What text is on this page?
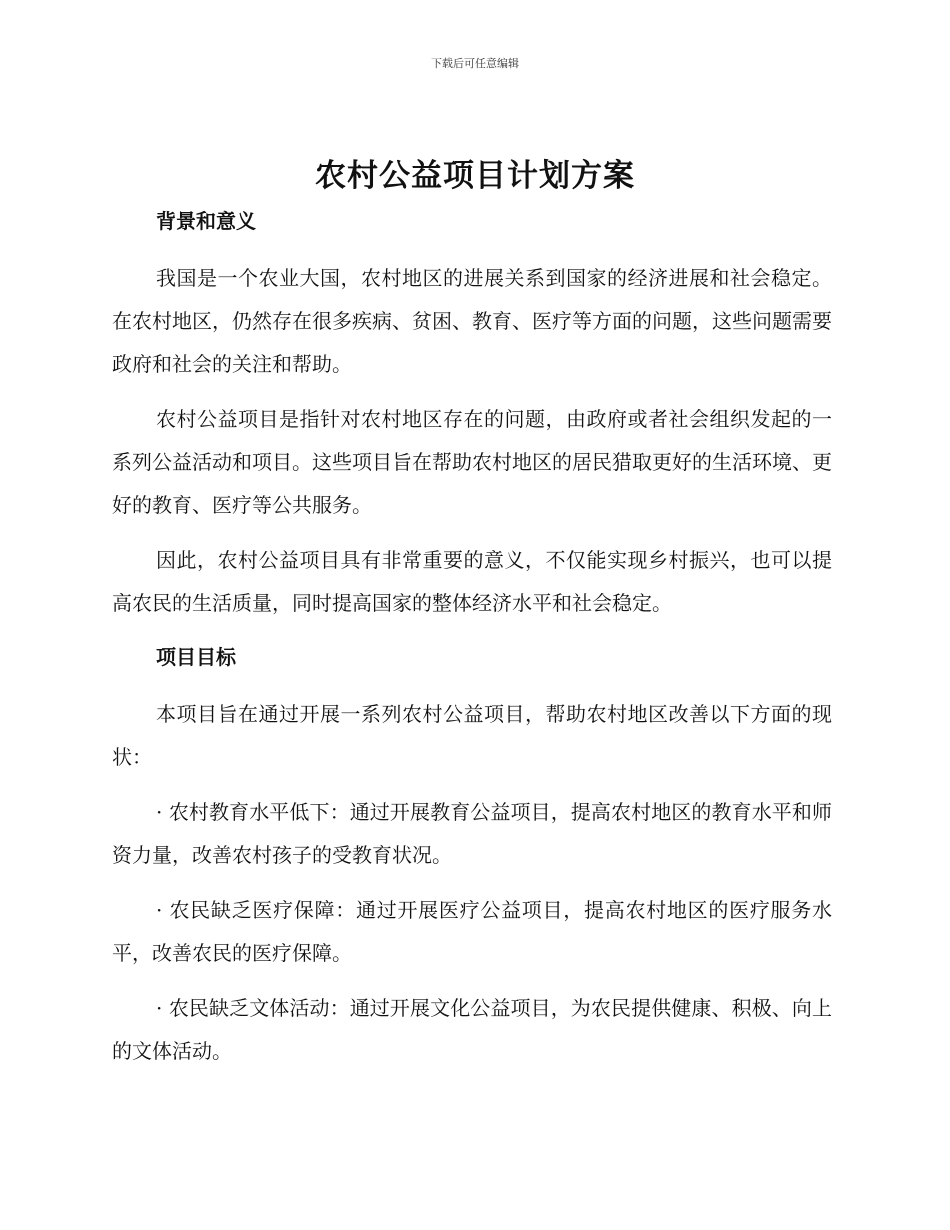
下载后可任意编辑
农村公益项目计划方案
背景和意义

我国是一个农业大国，农村地区的进展关系到国家的经济进展和社会稳定。在农村地区，仍然存在很多疾病、贫困、教育、医疗等方面的问题，这些问题需要政府和社会的关注和帮助。

农村公益项目是指针对农村地区存在的问题，由政府或者社会组织发起的一系列公益活动和项目。这些项目旨在帮助农村地区的居民猎取更好的生活环境、更好的教育、医疗等公共服务。

因此，农村公益项目具有非常重要的意义，不仅能实现乡村振兴，也可以提高农民的生活质量，同时提高国家的整体经济水平和社会稳定。

项目目标

本项目旨在通过开展一系列农村公益项目，帮助农村地区改善以下方面的现状：

· 农村教育水平低下：通过开展教育公益项目，提高农村地区的教育水平和师资力量，改善农村孩子的受教育状况。

· 农民缺乏医疗保障：通过开展医疗公益项目，提高农村地区的医疗服务水平，改善农民的医疗保障。

· 农民缺乏文体活动：通过开展文化公益项目，为农民提供健康、积极、向上的文体活动。
